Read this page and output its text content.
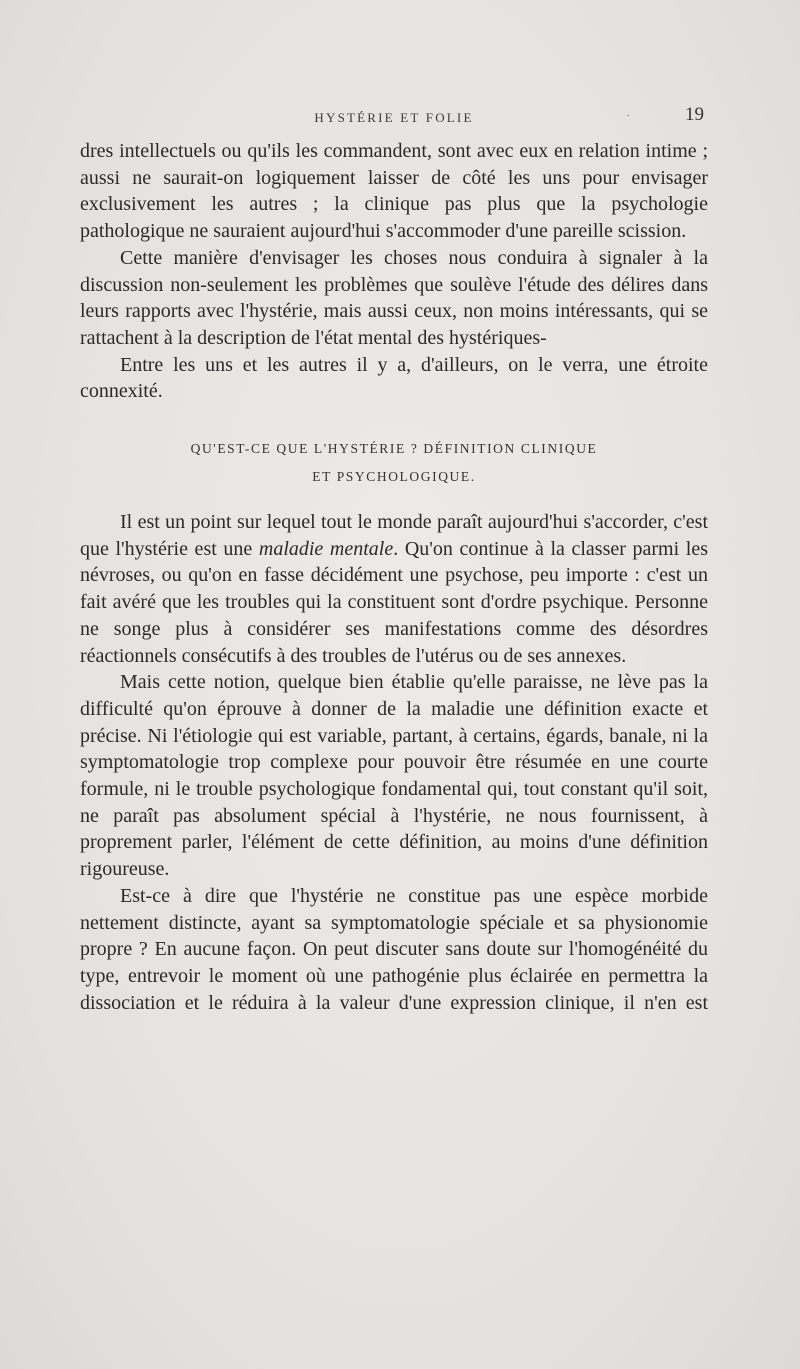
HYSTÉRIE ET FOLIE	·	19

dres intellectuels ou qu'ils les commandent, sont avec eux en relation intime ; aussi ne saurait-on logiquement laisser de côté les uns pour envisager exclusivement les autres ; la clinique pas plus que la psychologie pathologique ne sauraient aujourd'hui s'accommoder d'une pareille scission.

Cette manière d'envisager les choses nous conduira à signaler à la discussion non-seulement les problèmes que soulève l'étude des délires dans leurs rapports avec l'hystérie, mais aussi ceux, non moins intéressants, qui se rattachent à la description de l'état mental des hystériques-

Entre les uns et les autres il y a, d'ailleurs, on le verra, une étroite connexité.

QU'EST-CE QUE L'HYSTÉRIE ? DÉFINITION CLINIQUE
ET PSYCHOLOGIQUE.

Il est un point sur lequel tout le monde paraît aujourd'hui s'accorder, c'est que l'hystérie est une maladie mentale. Qu'on continue à la classer parmi les névroses, ou qu'on en fasse décidément une psychose, peu importe : c'est un fait avéré que les troubles qui la constituent sont d'ordre psychique. Personne ne songe plus à considérer ses manifestations comme des désordres réactionnels consécutifs à des troubles de l'utérus ou de ses annexes.

Mais cette notion, quelque bien établie qu'elle paraisse, ne lève pas la difficulté qu'on éprouve à donner de la maladie une définition exacte et précise. Ni l'étiologie qui est variable, partant, à certains, égards, banale, ni la symptomatologie trop complexe pour pouvoir être résumée en une courte formule, ni le trouble psychologique fondamental qui, tout constant qu'il soit, ne paraît pas absolument spécial à l'hystérie, ne nous fournissent, à proprement parler, l'élément de cette définition, au moins d'une définition rigoureuse.

Est-ce à dire que l'hystérie ne constitue pas une espèce morbide nettement distincte, ayant sa symptomatologie spéciale et sa physionomie propre ? En aucune façon. On peut discuter sans doute sur l'homogénéité du type, entrevoir le moment où une pathogénie plus éclairée en permettra la dissociation et le réduira à la valeur d'une expression clinique, il n'en est
